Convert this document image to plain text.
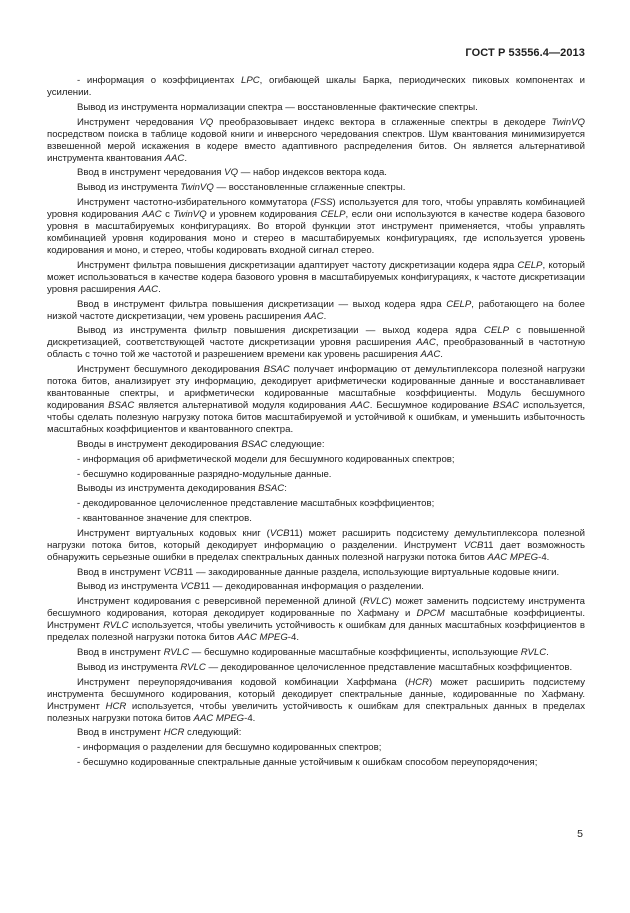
ГОСТ Р 53556.4—2013

- информация о коэффициентах LPC, огибающей шкалы Барка, периодических пиковых компонентах и усилении.

Вывод из инструмента нормализации спектра — восстановленные фактические спектры.

Инструмент чередования VQ преобразовывает индекс вектора в сглаженные спектры в декодере TwinVQ посредством поиска в таблице кодовой книги и инверсного чередования спектров. Шум квантования минимизируется взвешенной мерой искажения в кодере вместо адаптивного распределения битов. Он является альтернативой инструмента квантования AAC.

Ввод в инструмент чередования VQ — набор индексов вектора кода.

Вывод из инструмента TwinVQ — восстановленные сглаженные спектры.

Инструмент частотно-избирательного коммутатора (FSS) используется для того, чтобы управлять комбинацией уровня кодирования AAC с TwinVQ и уровнем кодирования CELP, если они используются в качестве кодера базового уровня в масштабируемых конфигурациях. Во второй функции этот инструмент применяется, чтобы управлять комбинацией уровня кодирования моно и стерео в масштабируемых конфигурациях, где используется уровень кодирования и моно, и стерео, чтобы кодировать входной сигнал стерео.

Инструмент фильтра повышения дискретизации адаптирует частоту дискретизации кодера ядра CELP, который может использоваться в качестве кодера базового уровня в масштабируемых конфигурациях, к частоте дискретизации уровня расширения AAC.

Ввод в инструмент фильтра повышения дискретизации — выход кодера ядра CELP, работающего на более низкой частоте дискретизации, чем уровень расширения AAC.

Вывод из инструмента фильтр повышения дискретизации — выход кодера ядра CELP с повышенной дискретизацией, соответствующей частоте дискретизации уровня расширения AAC, преобразованный в частотную область с точно той же частотой и разрешением времени как уровень расширения AAC.

Инструмент бесшумного декодирования BSAC получает информацию от демультиплексора полезной нагрузки потока битов, анализирует эту информацию, декодирует арифметически кодированные данные и восстанавливает квантованные спектры, и арифметически кодированные масштабные коэффициенты. Модуль бесшумного кодирования BSAC является альтернативой модуля кодирования AAC. Бесшумное кодирование BSAC используется, чтобы сделать полезную нагрузку потока битов масштабируемой и устойчивой к ошибкам, и уменьшить избыточность масштабных коэффициентов и квантованного спектра.

Вводы в инструмент декодирования BSAC следующие:

- информация об арифметической модели для бесшумного кодированных спектров;

- бесшумно кодированные разрядно-модульные данные.

Выводы из инструмента декодирования BSAC:

- декодированное целочисленное представление масштабных коэффициентов;

- квантованное значение для спектров.

Инструмент виртуальных кодовых книг (VCB11) может расширить подсистему демультиплексора полезной нагрузки потока битов, который декодирует информацию о разделении. Инструмент VCB11 дает возможность обнаружить серьезные ошибки в пределах спектральных данных полезной нагрузки потока битов AAC MPEG-4.

Ввод в инструмент VCB11 — закодированные данные раздела, использующие виртуальные кодовые книги.

Вывод из инструмента VCB11 — декодированная информация о разделении.

Инструмент кодирования с реверсивной переменной длиной (RVLC) может заменить подсистему инструмента бесшумного кодирования, которая декодирует кодированные по Хафману и DPCM масштабные коэффициенты. Инструмент RVLC используется, чтобы увеличить устойчивость к ошибкам для данных масштабных коэффициентов в пределах полезной нагрузки потока битов AAC MPEG-4.

Ввод в инструмент RVLC — бесшумно кодированные масштабные коэффициенты, использующие RVLC.

Вывод из инструмента RVLC — декодированное целочисленное представление масштабных коэффициентов.

Инструмент переупорядочивания кодовой комбинации Хаффмана (HCR) может расширить подсистему инструмента бесшумного кодирования, который декодирует спектральные данные, кодированные по Хафману. Инструмент HCR используется, чтобы увеличить устойчивость к ошибкам для спектральных данных в пределах полезных нагрузки потока битов AAC MPEG-4.

Ввод в инструмент HCR следующий:

- информация о разделении для бесшумно кодированных спектров;

- бесшумно кодированные спектральные данные устойчивым к ошибкам способом переупорядочения;

5
